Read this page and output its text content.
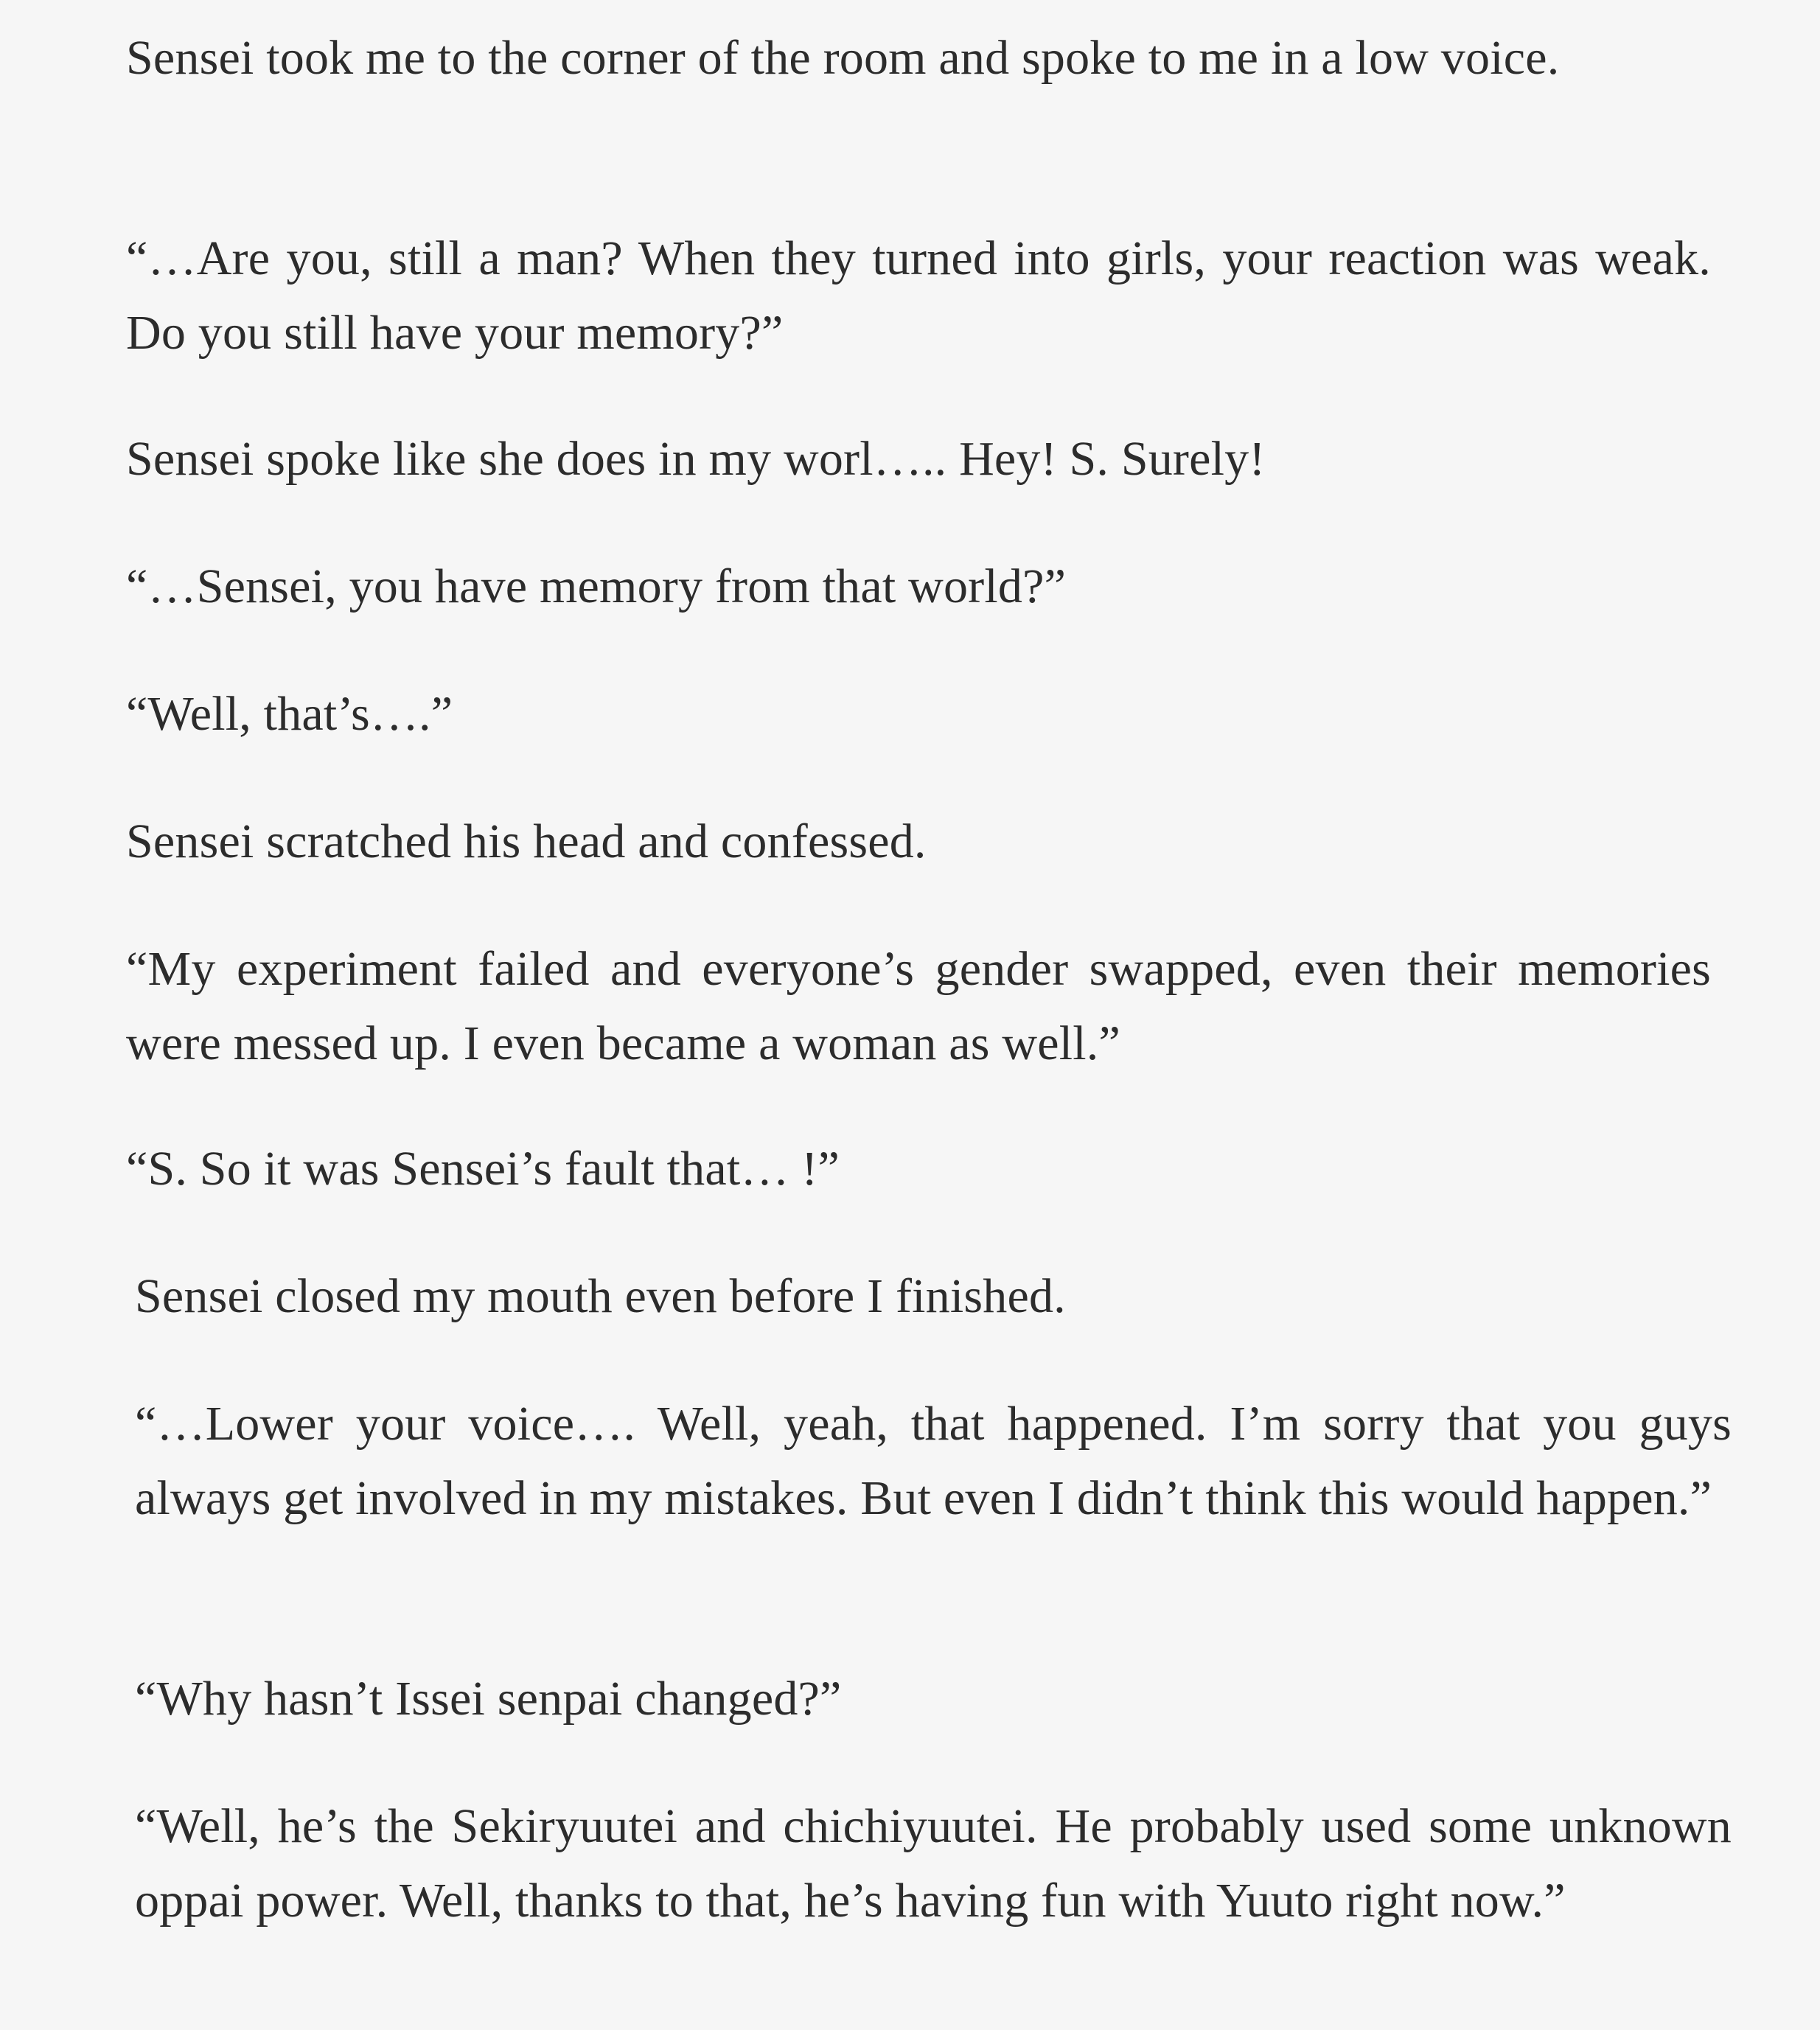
Sensei took me to the corner of the room and spoke to me in a low voice.

“…Are you, still a man? When they turned into girls, your reaction was weak. Do you still have your memory?”

Sensei spoke like she does in my worl….. Hey! S. Surely!

“…Sensei, you have memory from that world?”

“Well, that’s….”

Sensei scratched his head and confessed.

“My experiment failed and everyone’s gender swapped, even their memories were messed up. I even became a woman as well.”

“S. So it was Sensei’s fault that… !”

Sensei closed my mouth even before I finished.

“…Lower your voice…. Well, yeah, that happened. I’m sorry that you guys always get involved in my mistakes. But even I didn’t think this would happen.”

“Why hasn’t Issei senpai changed?”

“Well, he’s the Sekiryuutei and chichiyuutei. He probably used some unknown oppai power. Well, thanks to that, he’s having fun with Yuuto right now.”
